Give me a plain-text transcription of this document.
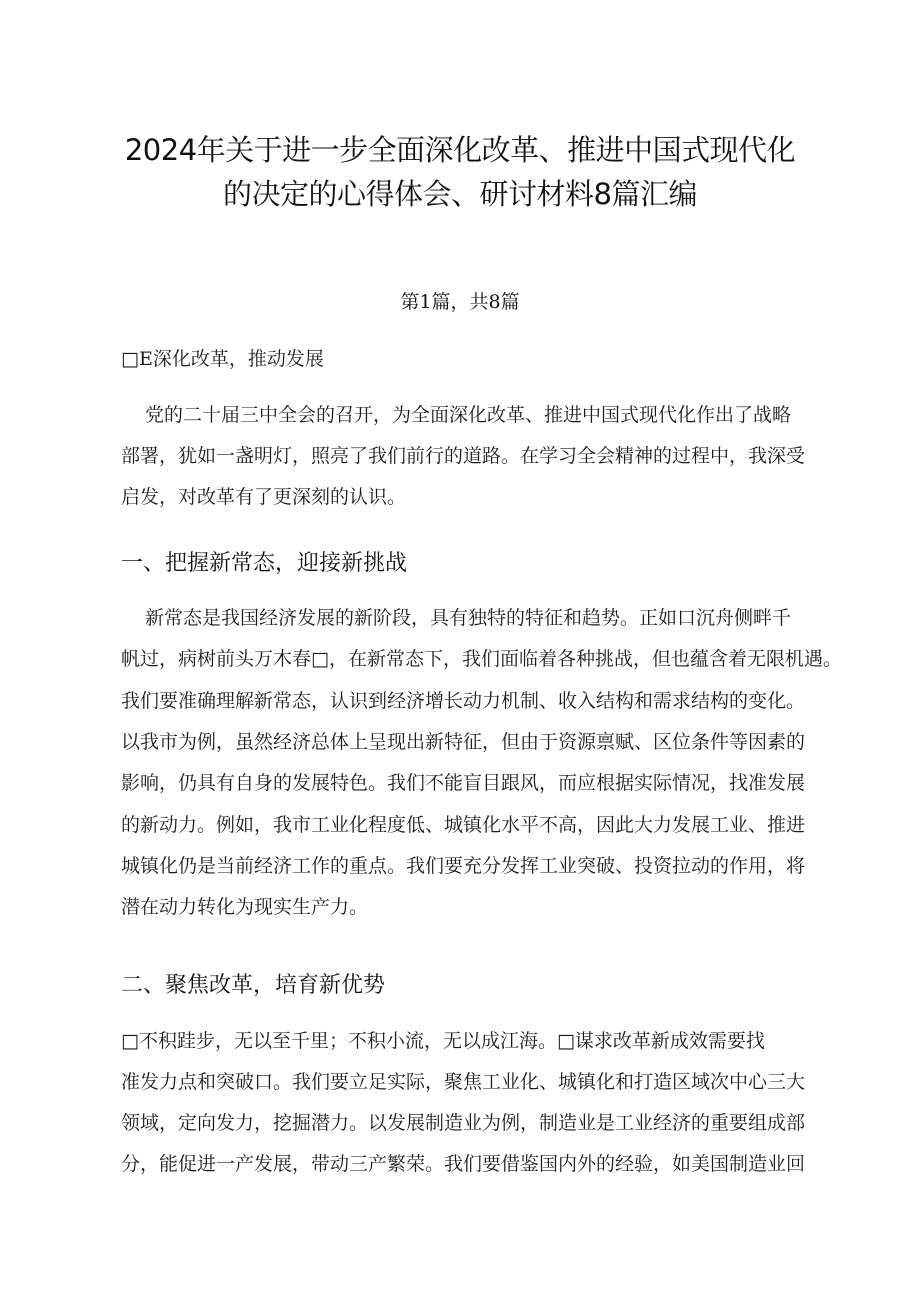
2024年关于进一步全面深化改革、推进中国式现代化
的决定的心得体会、研讨材料8篇汇编
第1篇，共8篇
□E深化改革，推动发展
党的二十届三中全会的召开，为全面深化改革、推进中国式现代化作出了战略
部署，犹如一盏明灯，照亮了我们前行的道路。在学习全会精神的过程中，我深受
启发，对改革有了更深刻的认识。
一、把握新常态，迎接新挑战
新常态是我国经济发展的新阶段，具有独特的特征和趋势。正如口沉舟侧畔千
帆过，病树前头万木春□，在新常态下，我们面临着各种挑战，但也蕴含着无限机遇。
我们要准确理解新常态，认识到经济增长动力机制、收入结构和需求结构的变化。
以我市为例，虽然经济总体上呈现出新特征，但由于资源禀赋、区位条件等因素的
影响，仍具有自身的发展特色。我们不能盲目跟风，而应根据实际情况，找准发展
的新动力。例如，我市工业化程度低、城镇化水平不高，因此大力发展工业、推进
城镇化仍是当前经济工作的重点。我们要充分发挥工业突破、投资拉动的作用，将
潜在动力转化为现实生产力。
二、聚焦改革，培育新优势
□不积跬步，无以至千里；不积小流，无以成江海。□谋求改革新成效需要找
准发力点和突破口。我们要立足实际，聚焦工业化、城镇化和打造区域次中心三大
领域，定向发力，挖掘潜力。以发展制造业为例，制造业是工业经济的重要组成部
分，能促进一产发展，带动三产繁荣。我们要借鉴国内外的经验，如美国制造业回
